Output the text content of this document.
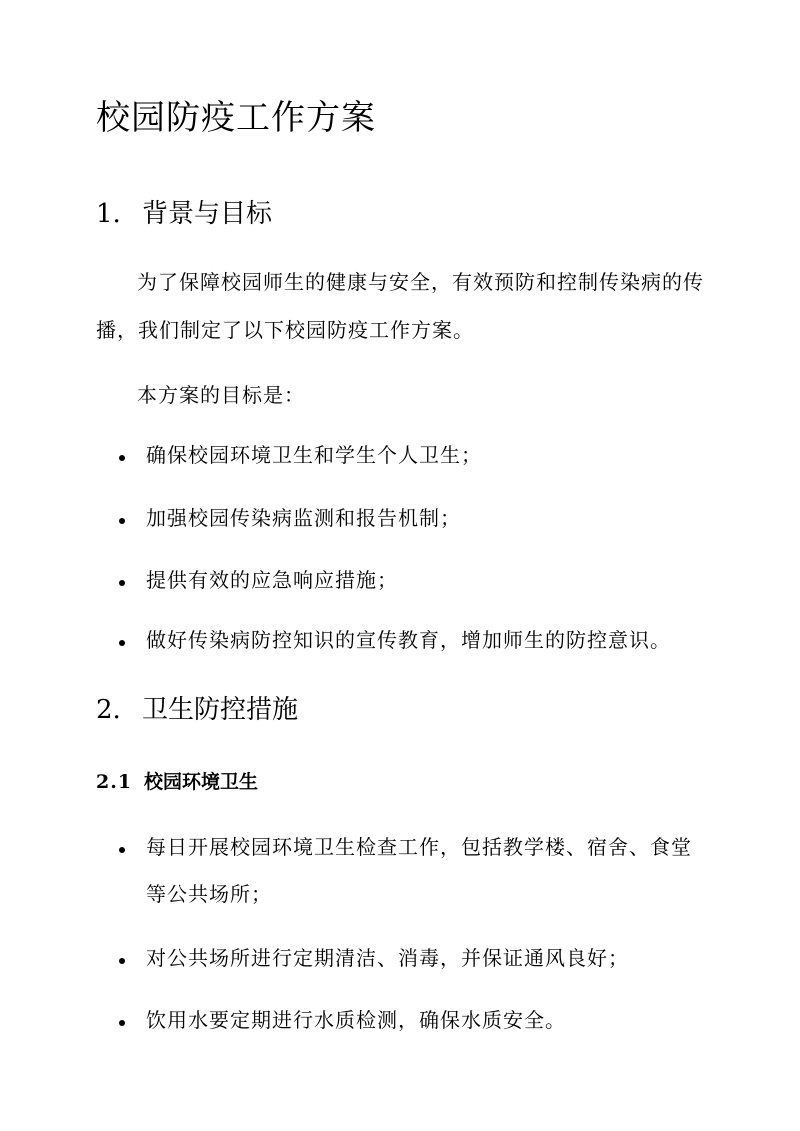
校园防疫工作方案
1. 背景与目标

为了保障校园师生的健康与安全，有效预防和控制传染病的传

播，我们制定了以下校园防疫工作方案。

本方案的目标是：

确保校园环境卫生和学生个人卫生；

加强校园传染病监测和报告机制；

提供有效的应急响应措施；

做好传染病防控知识的宣传教育，增加师生的防控意识。

2. 卫生防控措施
2.1 校园环境卫生

每日开展校园环境卫生检查工作，包括教学楼、宿舍、食堂

等公共场所；

对公共场所进行定期清洁、消毒，并保证通风良好；

饮用水要定期进行水质检测，确保水质安全。
